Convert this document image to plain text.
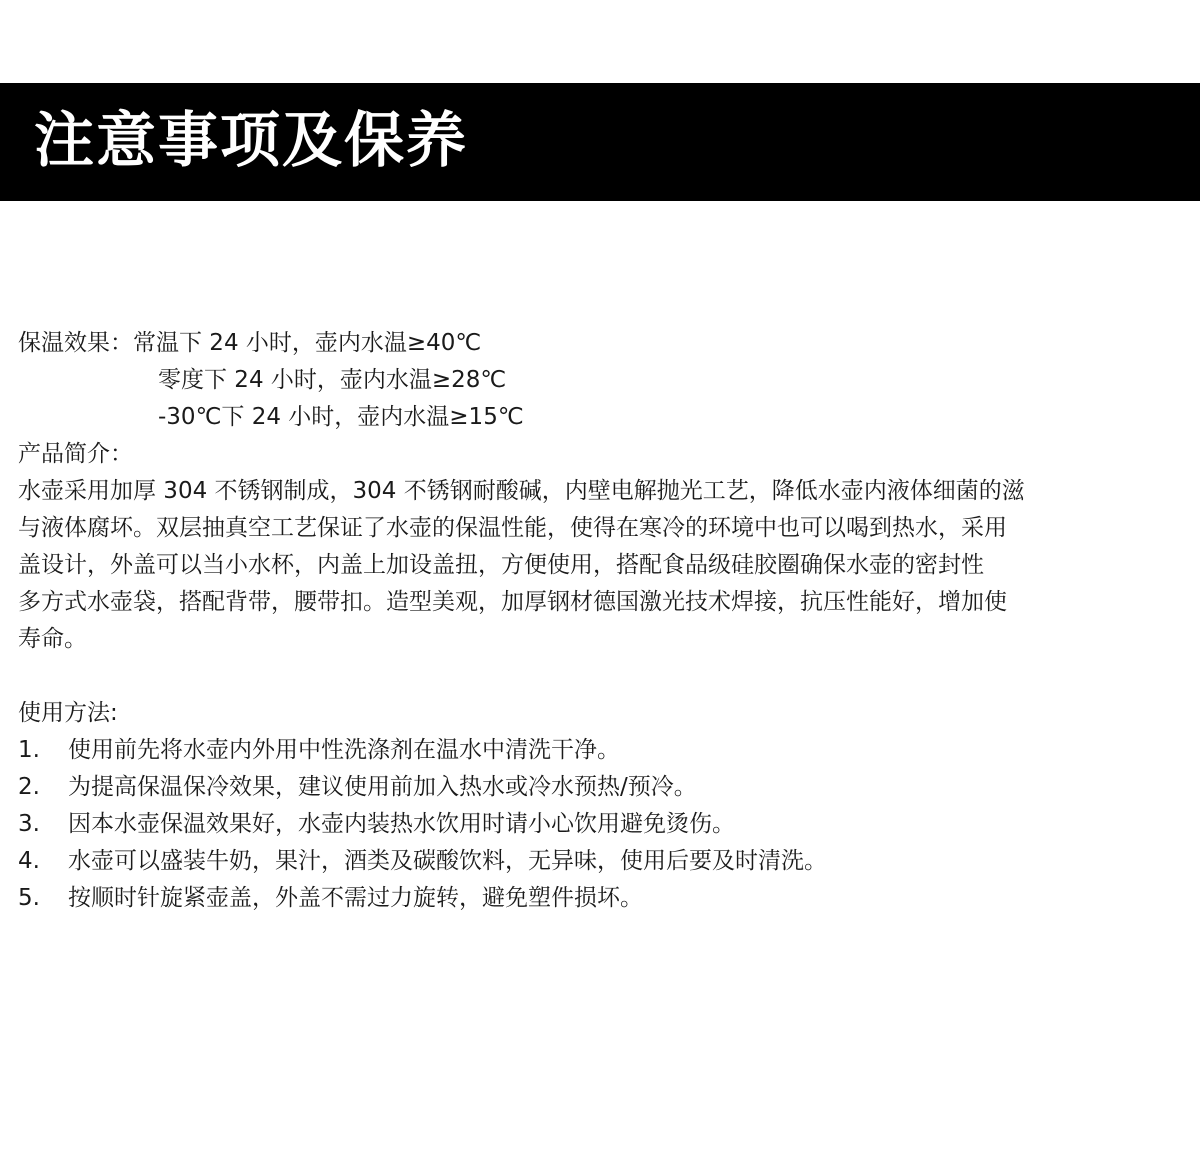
注意事项及保养
保温效果：常温下 24 小时，壶内水温≥40℃
零度下 24 小时，壶内水温≥28℃
-30℃下 24 小时，壶内水温≥15℃
产品简介：
水壶采用加厚 304 不锈钢制成，304 不锈钢耐酸碱，内壁电解抛光工艺，降低水壶内液体细菌的滋
与液体腐坏。双层抽真空工艺保证了水壶的保温性能，使得在寒冷的环境中也可以喝到热水，采用
盖设计，外盖可以当小水杯，内盖上加设盖扭，方便使用，搭配食品级硅胶圈确保水壶的密封性
多方式水壶袋，搭配背带，腰带扣。造型美观，加厚钢材德国激光技术焊接，抗压性能好，增加使
寿命。
使用方法:
1. 使用前先将水壶内外用中性洗涤剂在温水中清洗干净。
2. 为提高保温保冷效果，建议使用前加入热水或冷水预热/预冷。
3. 因本水壶保温效果好，水壶内装热水饮用时请小心饮用避免烫伤。
4. 水壶可以盛装牛奶，果汁，酒类及碳酸饮料，无异味，使用后要及时清洗。
5. 按顺时针旋紧壶盖，外盖不需过力旋转，避免塑件损坏。
